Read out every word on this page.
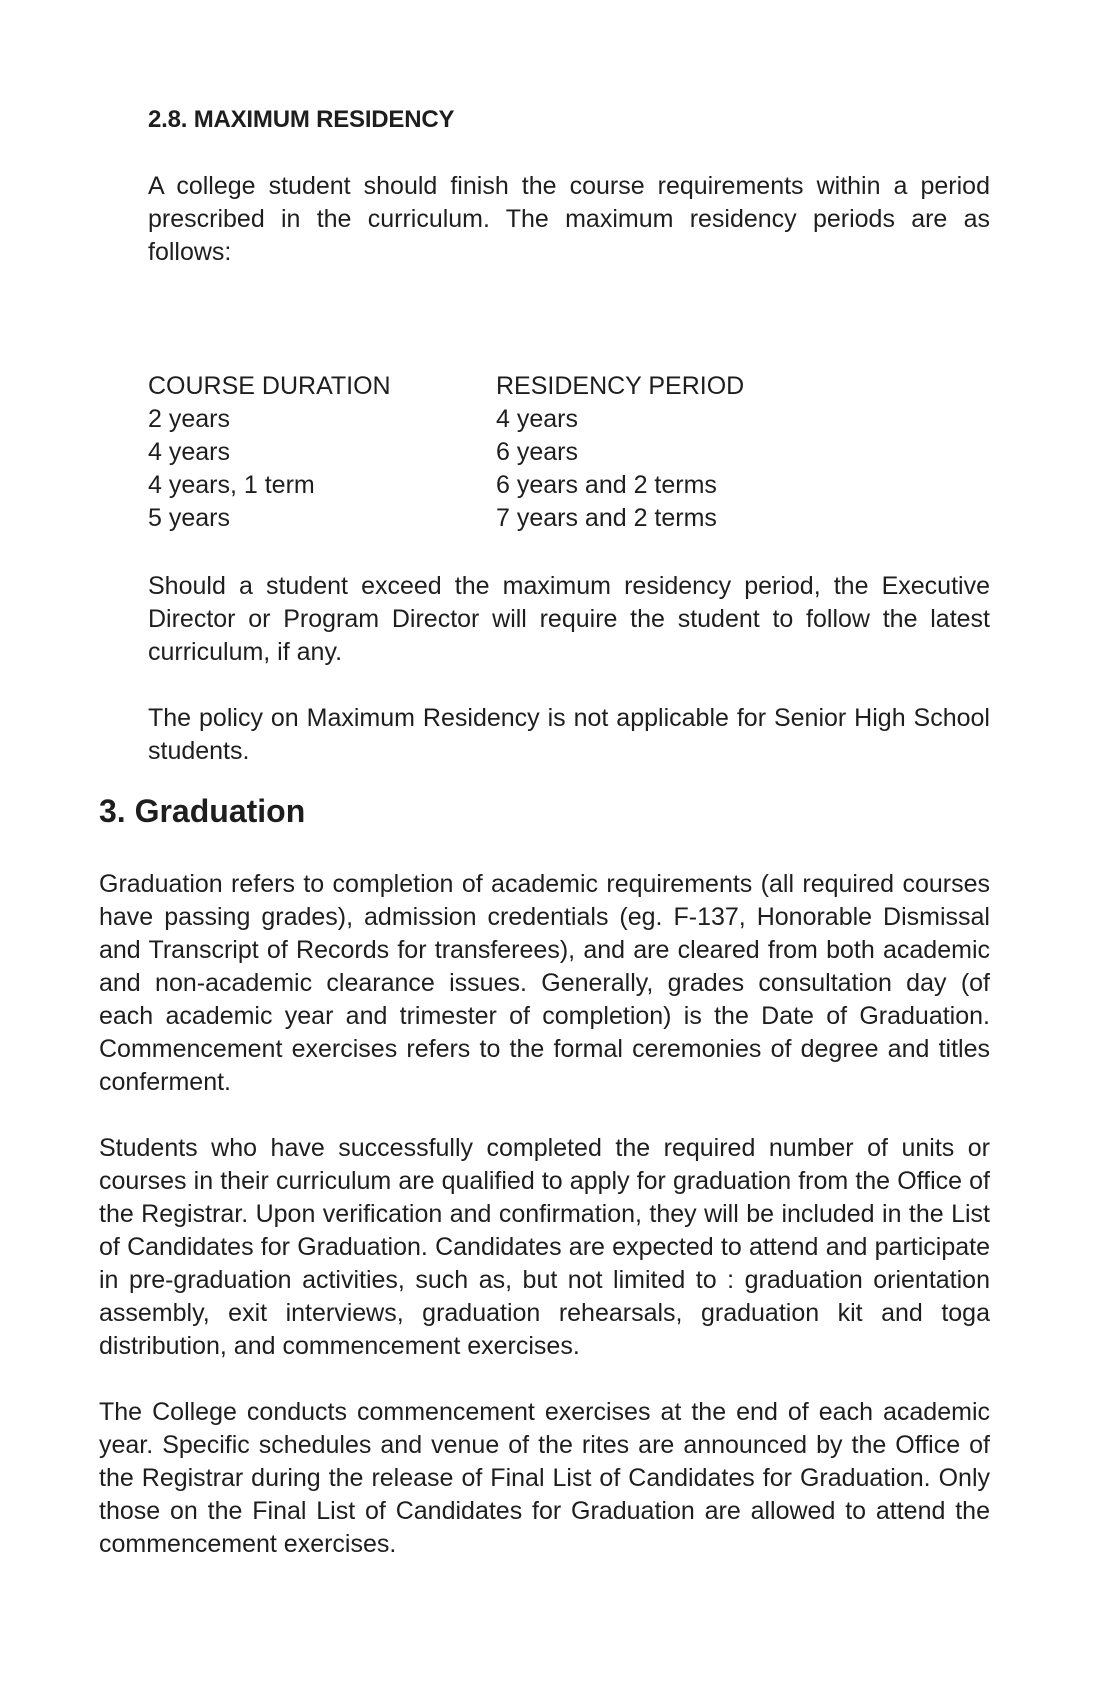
2.8. MAXIMUM RESIDENCY

A college student should finish the course requirements within a period prescribed in the curriculum. The maximum residency periods are as follows:

COURSE DURATION	RESIDENCY PERIOD
2 years	4 years
4 years	6 years
4 years, 1 term	6 years and 2 terms
5 years	7 years and 2 terms

Should a student exceed the maximum residency period, the Executive Director or Program Director will require the student to follow the latest curriculum, if any.

The policy on Maximum Residency is not applicable for Senior High School students.

3. Graduation

Graduation refers to completion of academic requirements (all required courses have passing grades), admission credentials (eg. F-137, Honorable Dismissal and Transcript of Records for transferees), and are cleared from both academic and non-academic clearance issues. Generally, grades consultation day (of each academic year and trimester of completion) is the Date of Graduation. Commencement exercises refers to the formal ceremonies of degree and titles conferment.

Students who have successfully completed the required number of units or courses in their curriculum are qualified to apply for graduation from the Office of the Registrar. Upon verification and confirmation, they will be included in the List of Candidates for Graduation. Candidates are expected to attend and participate in pre-graduation activities, such as, but not limited to : graduation orientation assembly, exit interviews, graduation rehearsals, graduation kit and toga distribution, and commencement exercises.

The College conducts commencement exercises at the end of each academic year. Specific schedules and venue of the rites are announced by the Office of the Registrar during the release of Final List of Candidates for Graduation. Only those on the Final List of Candidates for Graduation are allowed to attend the commencement exercises.
